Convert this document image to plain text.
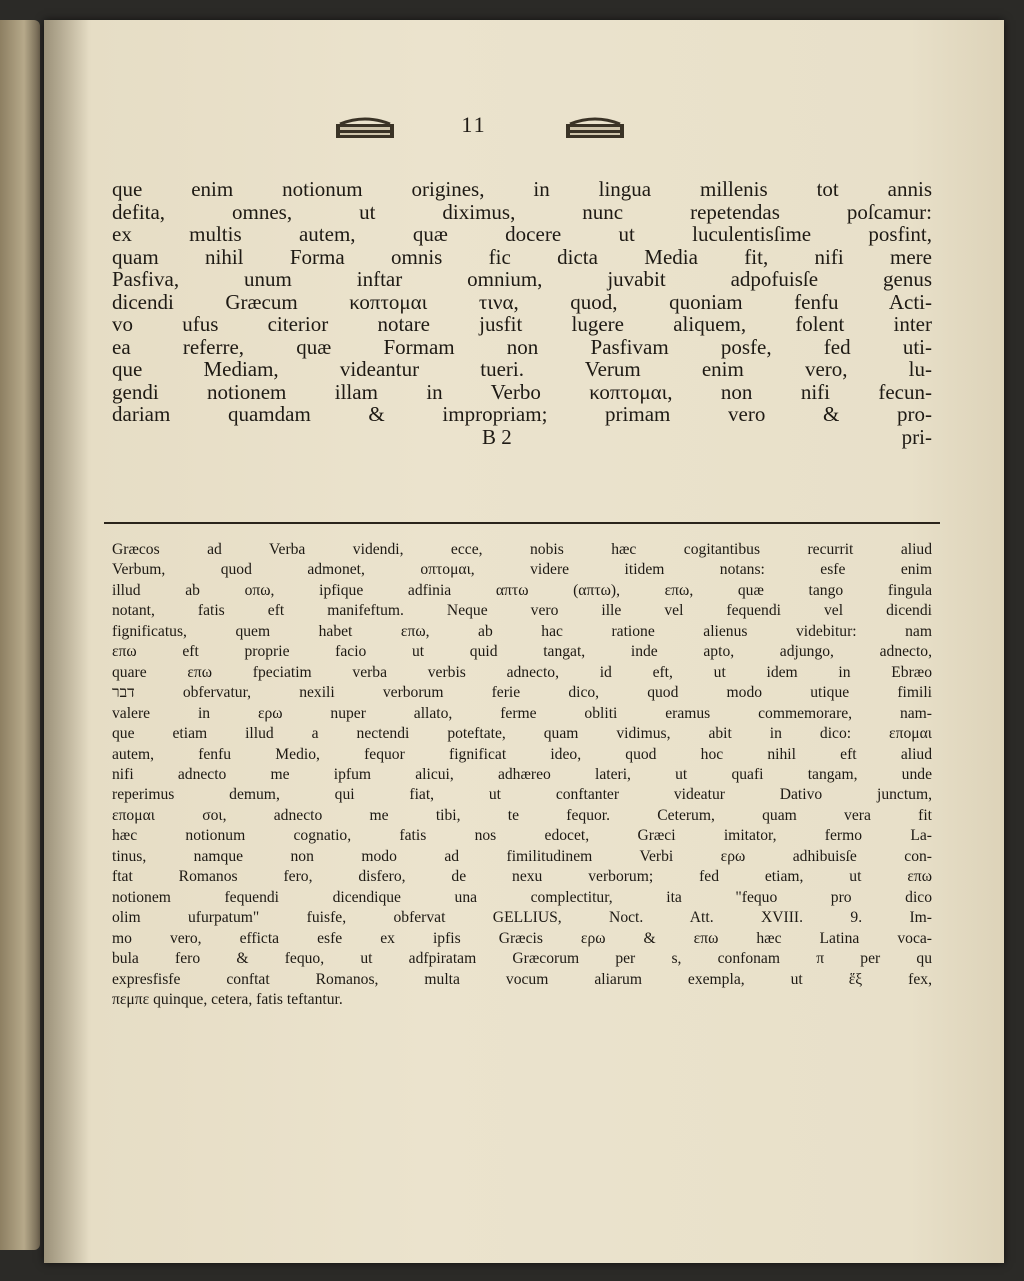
11
que enim notionum origines, in lingua millenis tot annis
defita, omnes, ut diximus, nunc repetendas poſcamur:
ex multis autem, quæ docere ut luculentisſime posfint,
quam nihil Forma omnis fic dicta Media fit, nifi mere
Pasfiva, unum inftar omnium, juvabit adpofuisſe genus
dicendi Græcum κοπτομαι τινα, quod, quoniam fenfu Acti-
vo ufus citerior notare jusfit lugere aliquem, folent inter
ea referre, quæ Formam non Pasfivam posfe, fed uti-
que Mediam, videantur tueri. Verum enim vero, lu-
gendi notionem illam in Verbo κοπτομαι, non nifi fecun-
dariam quamdam & impropriam; primam vero & pro-
B 2	pri-
Græcos ad Verba videndi, ecce, nobis hæc cogitantibus recurrit aliud
Verbum, quod admonet, οπτομαι, videre itidem notans: esfe enim
illud ab οπω, ipfique adfinia απτω (απτω), επω, quæ tango fingula
notant, fatis eft manifeftum. Neque vero ille vel fequendi vel dicendi
fignificatus, quem habet επω, ab hac ratione alienus videbitur: nam
επω eft proprie facio ut quid tangat, inde apto, adjungo, adnecto,
quare επω fpeciatim verba verbis adnecto, id eft, ut idem in Ebræo
דבר obfervatur, nexili verborum ferie dico, quod modo utique fimili
valere in ερω nuper allato, ferme obliti eramus commemorare, nam-
que etiam illud a nectendi poteftate, quam vidimus, abit in dico: επομαι
autem, fenfu Medio, fequor fignificat ideo, quod hoc nihil eft aliud
nifi adnecto me ipfum alicui, adhæreo lateri, ut quafi tangam, unde
reperimus demum, qui fiat, ut conftanter videatur Dativo junctum,
επομαι σοι, adnecto me tibi, te fequor. Ceterum, quam vera fit
hæc notionum cognatio, fatis nos edocet, Græci imitator, fermo La-
tinus, namque non modo ad fimilitudinem Verbi ερω adhibuisſe con-
ftat Romanos fero, disfero, de nexu verborum; fed etiam, ut επω
notionem fequendi dicendique una complectitur, ita "fequo pro dico
olim ufurpatum" fuisfe, obfervat GELLIUS, Noct. Att. XVIII. 9. Im-
mo vero, efficta esfe ex ipfis Græcis ερω & επω hæc Latina voca-
bula fero & fequo, ut adfpiratam Græcorum per s, confonam π per qu
expresfisfe conftat Romanos, multa vocum aliarum exempla, ut ἕξ fex,
πεμπε quinque, cetera, fatis teftantur.
